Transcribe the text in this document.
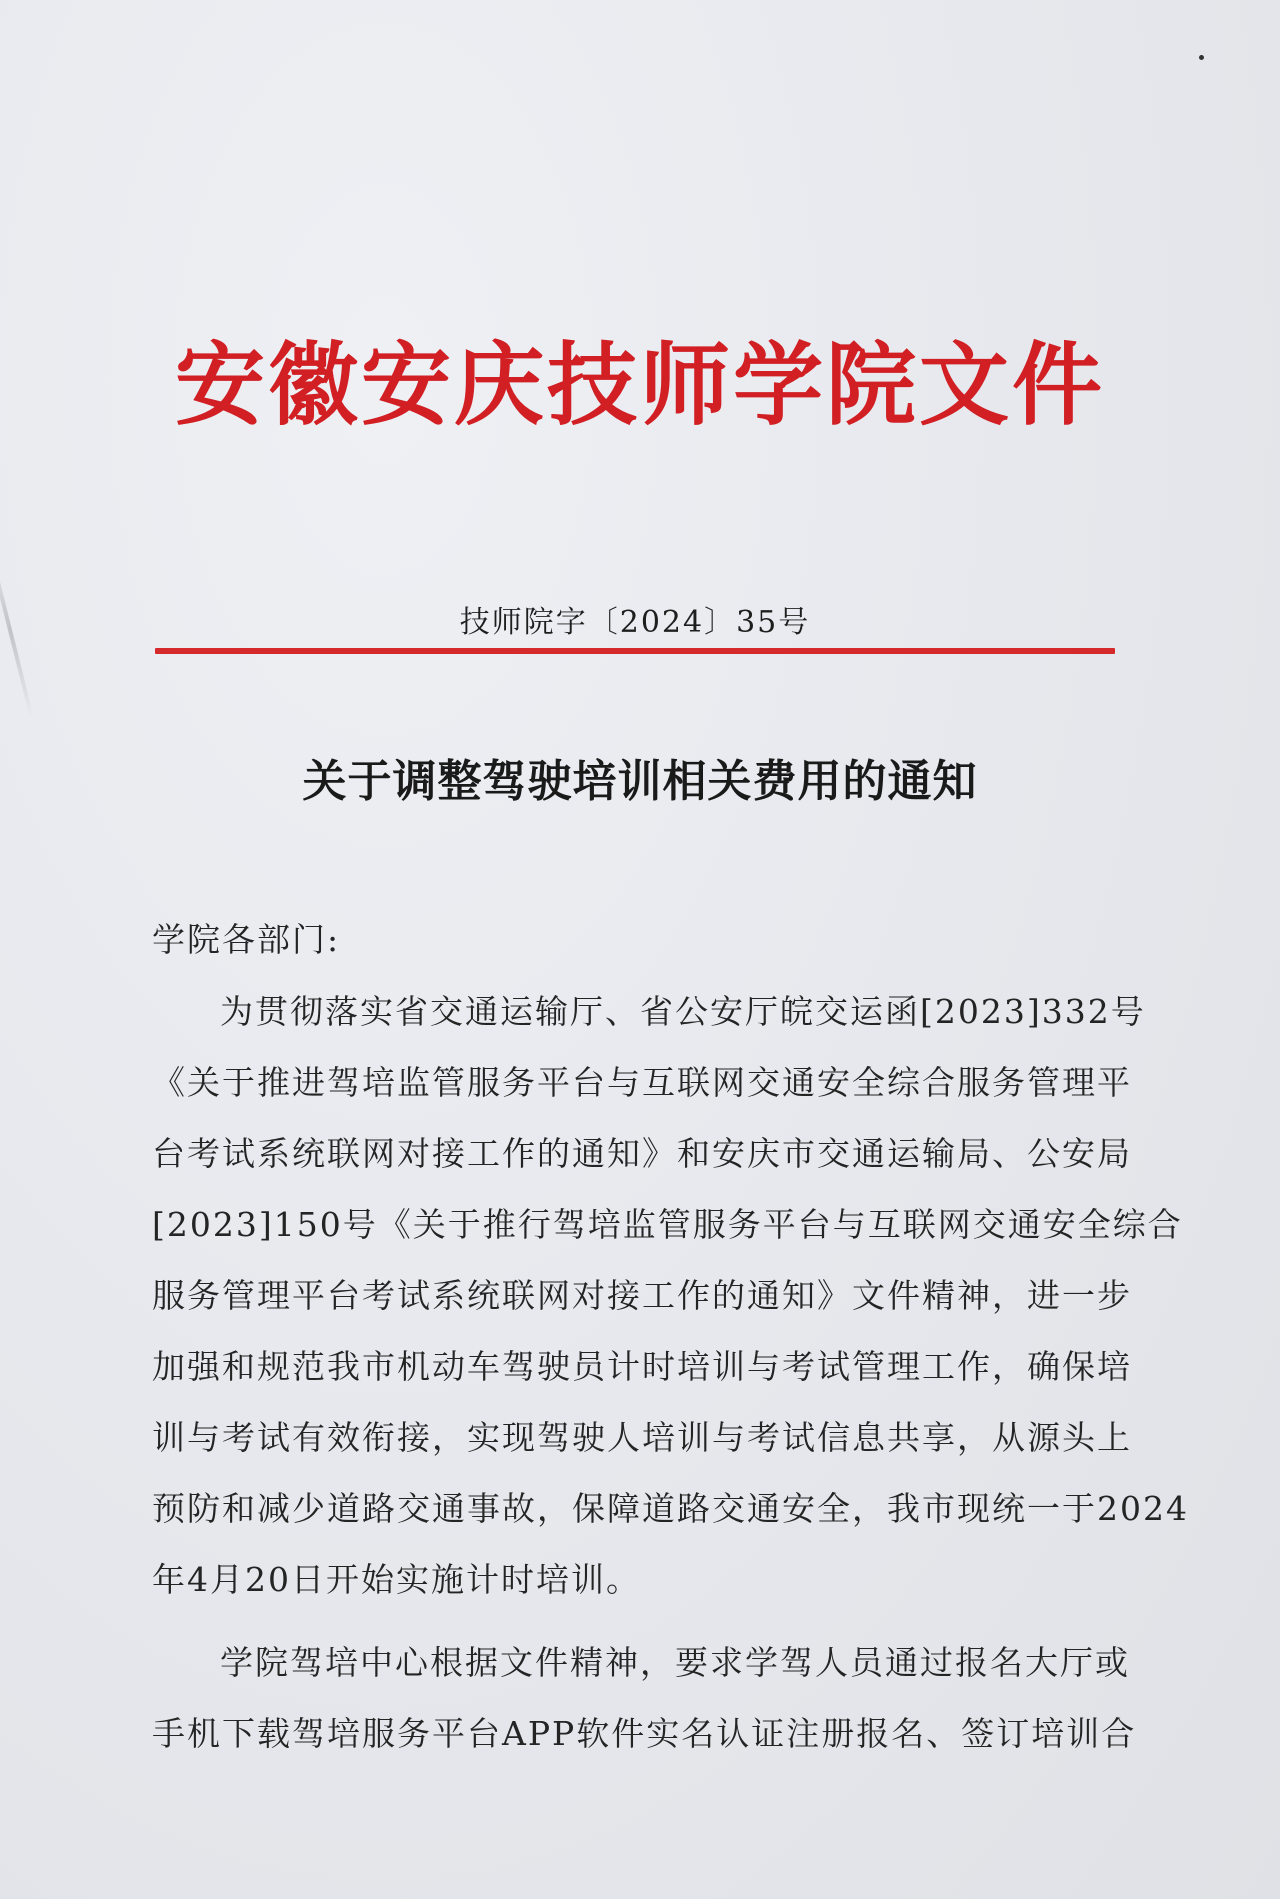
安徽安庆技师学院文件
技师院字〔2024〕35号
关于调整驾驶培训相关费用的通知
学院各部门:
为贯彻落实省交通运输厅、省公安厅皖交运函[2023]332号
《关于推进驾培监管服务平台与互联网交通安全综合服务管理平
台考试系统联网对接工作的通知》和安庆市交通运输局、公安局
[2023]150号《关于推行驾培监管服务平台与互联网交通安全综合
服务管理平台考试系统联网对接工作的通知》文件精神，进一步
加强和规范我市机动车驾驶员计时培训与考试管理工作，确保培
训与考试有效衔接，实现驾驶人培训与考试信息共享，从源头上
预防和减少道路交通事故，保障道路交通安全，我市现统一于2024
年4月20日开始实施计时培训。
学院驾培中心根据文件精神，要求学驾人员通过报名大厅或
手机下载驾培服务平台APP软件实名认证注册报名、签订培训合
